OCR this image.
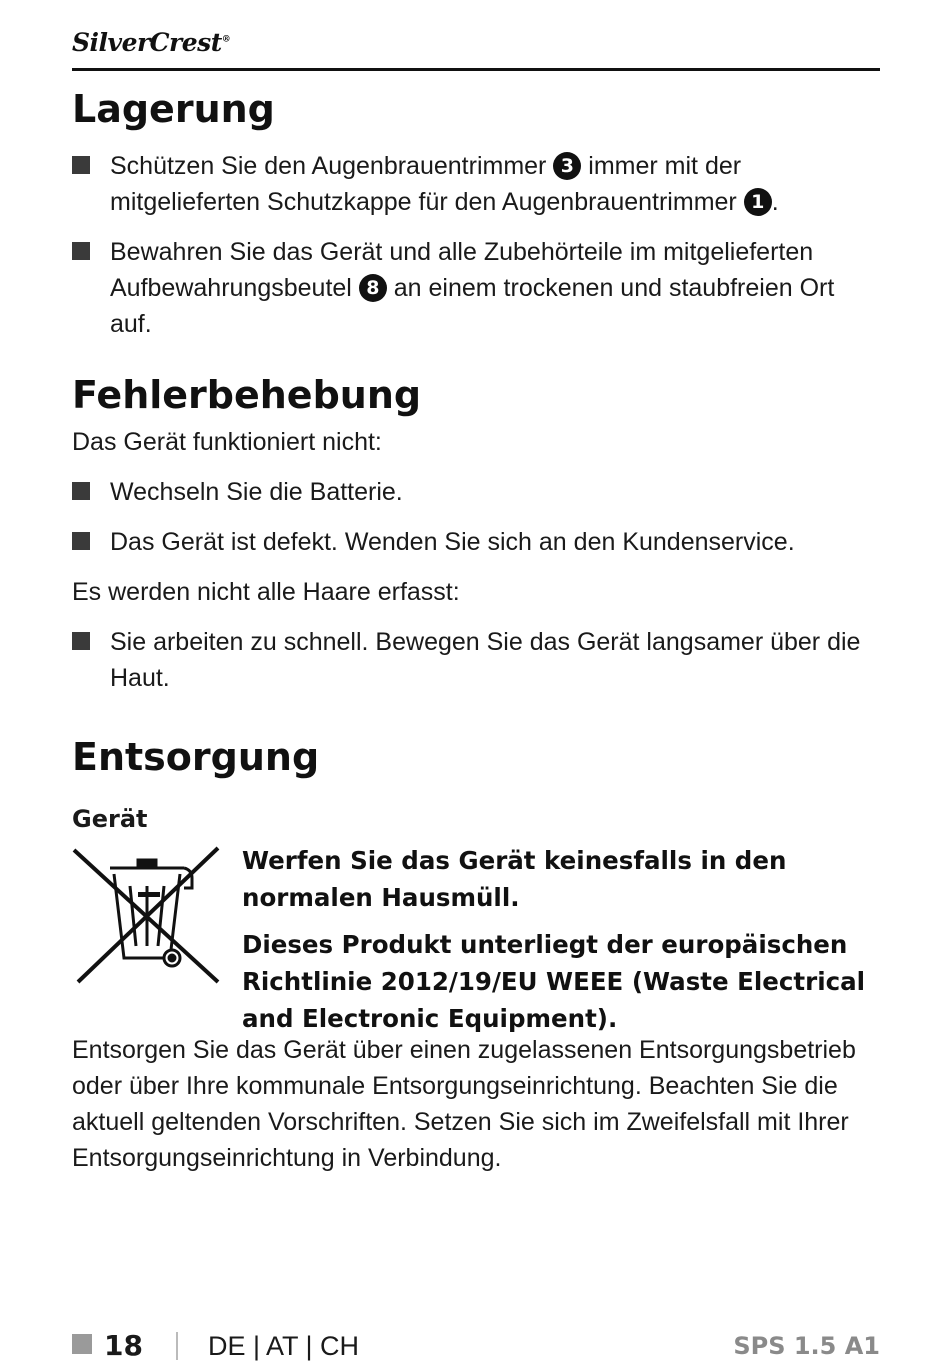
SilverCrest®
Lagerung
Schützen Sie den Augenbrauentrimmer 3 immer mit der mitgelieferten Schutzkappe für den Augenbrauentrimmer 1 .
Bewahren Sie das Gerät und alle Zubehörteile im mitgelieferten Aufbewahrungsbeutel 8 an einem trockenen und staubfreien Ort auf.
Fehlerbehebung
Das Gerät funktioniert nicht:
Wechseln Sie die Batterie.
Das Gerät ist defekt. Wenden Sie sich an den Kundenservice.
Es werden nicht alle Haare erfasst:
Sie arbeiten zu schnell. Bewegen Sie das Gerät langsamer über die Haut.
Entsorgung
Gerät

Werfen Sie das Gerät keinesfalls in den normalen Hausmüll.

Dieses Produkt unterliegt der europäischen Richtlinie 2012/19/EU WEEE (Waste Electrical and Electronic Equipment).

Entsorgen Sie das Gerät über einen zugelassenen Entsorgungsbetrieb oder über Ihre kommunale Entsorgungseinrichtung. Beachten Sie die aktuell geltenden Vorschriften. Setzen Sie sich im Zweifelsfall mit Ihrer Entsorgungseinrichtung in Verbindung.
18 DE | AT | CH	SPS 1.5 A1
